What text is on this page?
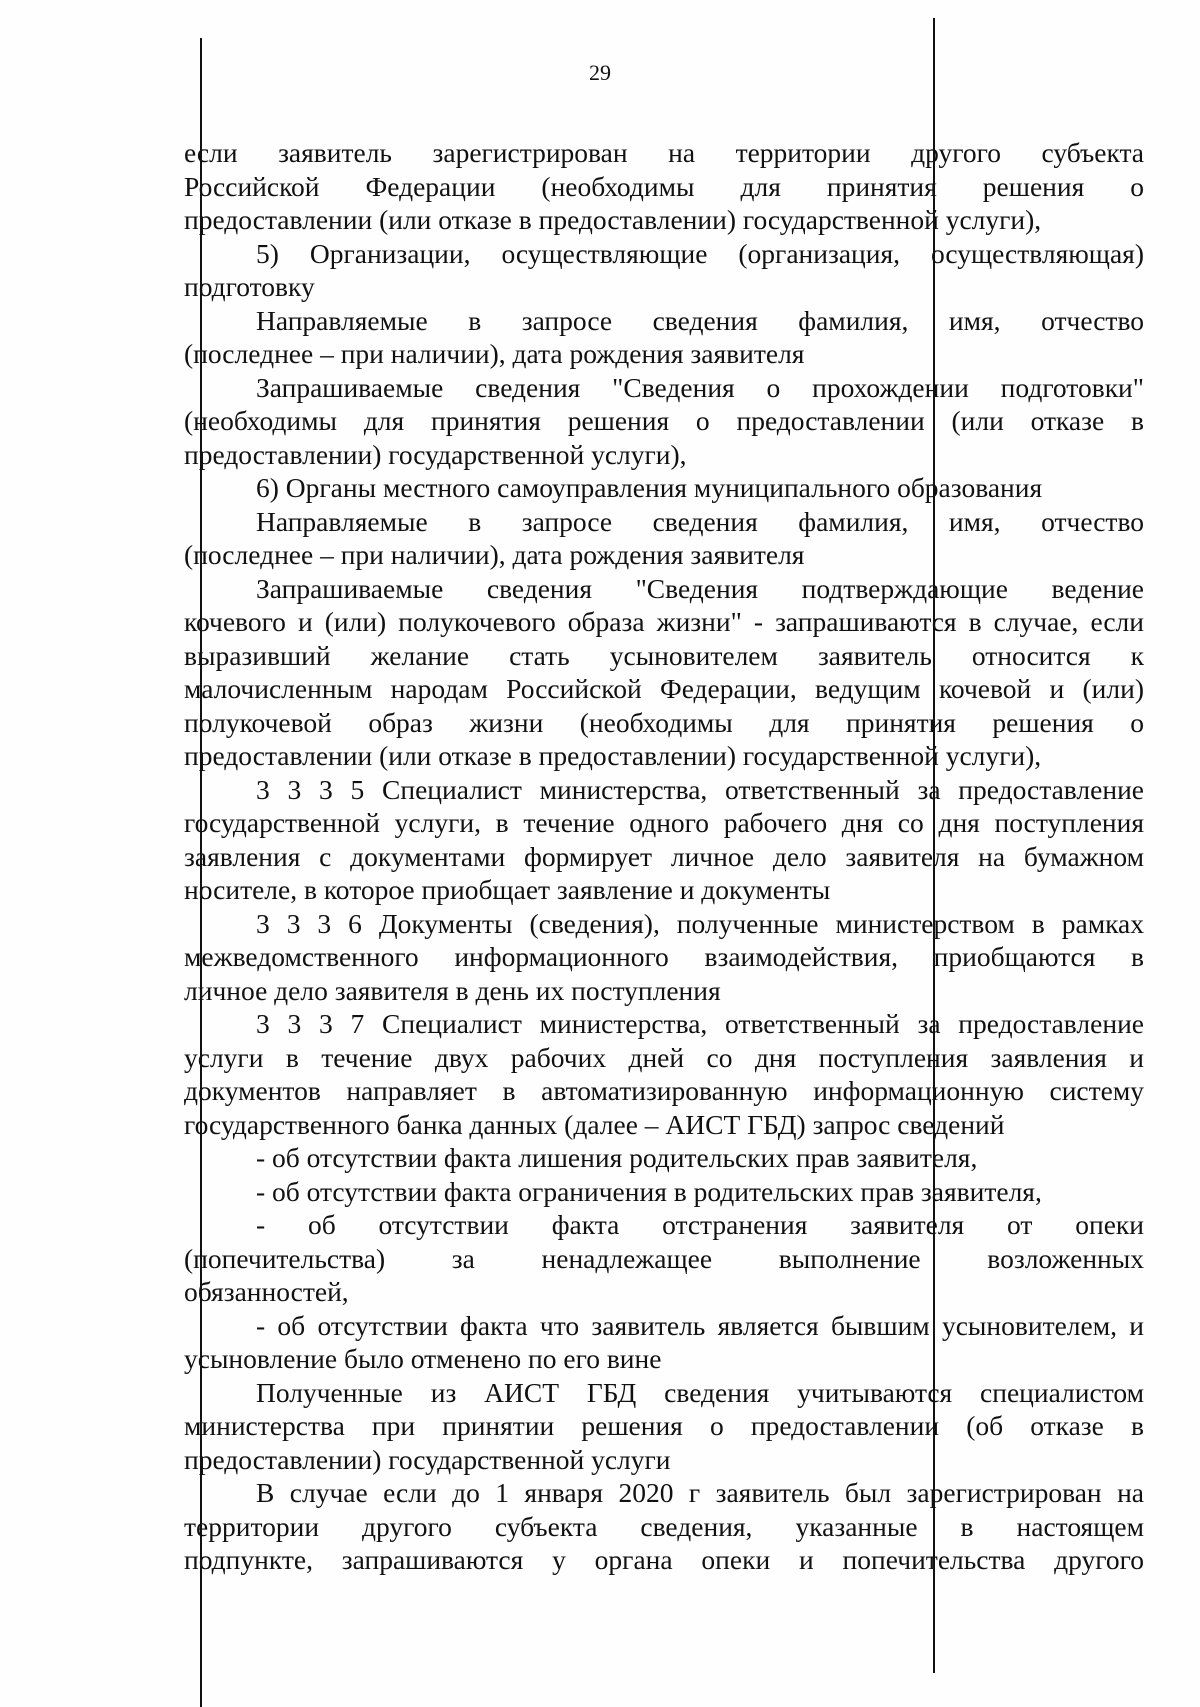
29

если заявитель зарегистрирован на территории другого субъекта

Российской Федерации (необходимы для принятия решения о

предоставлении (или отказе в предоставлении) государственной услуги),

5) Организации, осуществляющие (организация, осуществляющая)

подготовку

Направляемые в запросе сведения фамилия, имя, отчество

(последнее – при наличии), дата рождения заявителя

Запрашиваемые сведения "Сведения о прохождении подготовки"

(необходимы для принятия решения о предоставлении (или отказе в

предоставлении) государственной услуги),

6) Органы местного самоуправления муниципального образования

Направляемые в запросе сведения фамилия, имя, отчество

(последнее – при наличии), дата рождения заявителя

Запрашиваемые сведения "Сведения подтверждающие ведение

кочевого и (или) полукочевого образа жизни" - запрашиваются в случае, если

выразивший желание стать усыновителем заявитель относится к

малочисленным народам Российской Федерации, ведущим кочевой и (или)

полукочевой образ жизни (необходимы для принятия решения о

предоставлении (или отказе в предоставлении) государственной услуги),

3 3 3 5 Специалист министерства, ответственный за предоставление

государственной услуги, в течение одного рабочего дня со дня поступления

заявления с документами формирует личное дело заявителя на бумажном

носителе, в которое приобщает заявление и документы

3 3 3 6 Документы (сведения), полученные министерством в рамках

межведомственного информационного взаимодействия, приобщаются в

личное дело заявителя в день их поступления

3 3 3 7 Специалист министерства, ответственный за предоставление

услуги в течение двух рабочих дней со дня поступления заявления и

документов направляет в автоматизированную информационную систему

государственного банка данных (далее – АИСТ ГБД) запрос сведений

- об отсутствии факта лишения родительских прав заявителя,

- об отсутствии факта ограничения в родительских прав заявителя,

- об отсутствии факта отстранения заявителя от опеки

(попечительства) за ненадлежащее выполнение возложенных

обязанностей,

- об отсутствии факта что заявитель является бывшим усыновителем, и

усыновление было отменено по его вине

Полученные из АИСТ ГБД сведения учитываются специалистом

министерства при принятии решения о предоставлении (об отказе в

предоставлении) государственной услуги

В случае если до 1 января 2020 г заявитель был зарегистрирован на

территории другого субъекта сведения, указанные в настоящем

подпункте, запрашиваются у органа опеки и попечительства другого
